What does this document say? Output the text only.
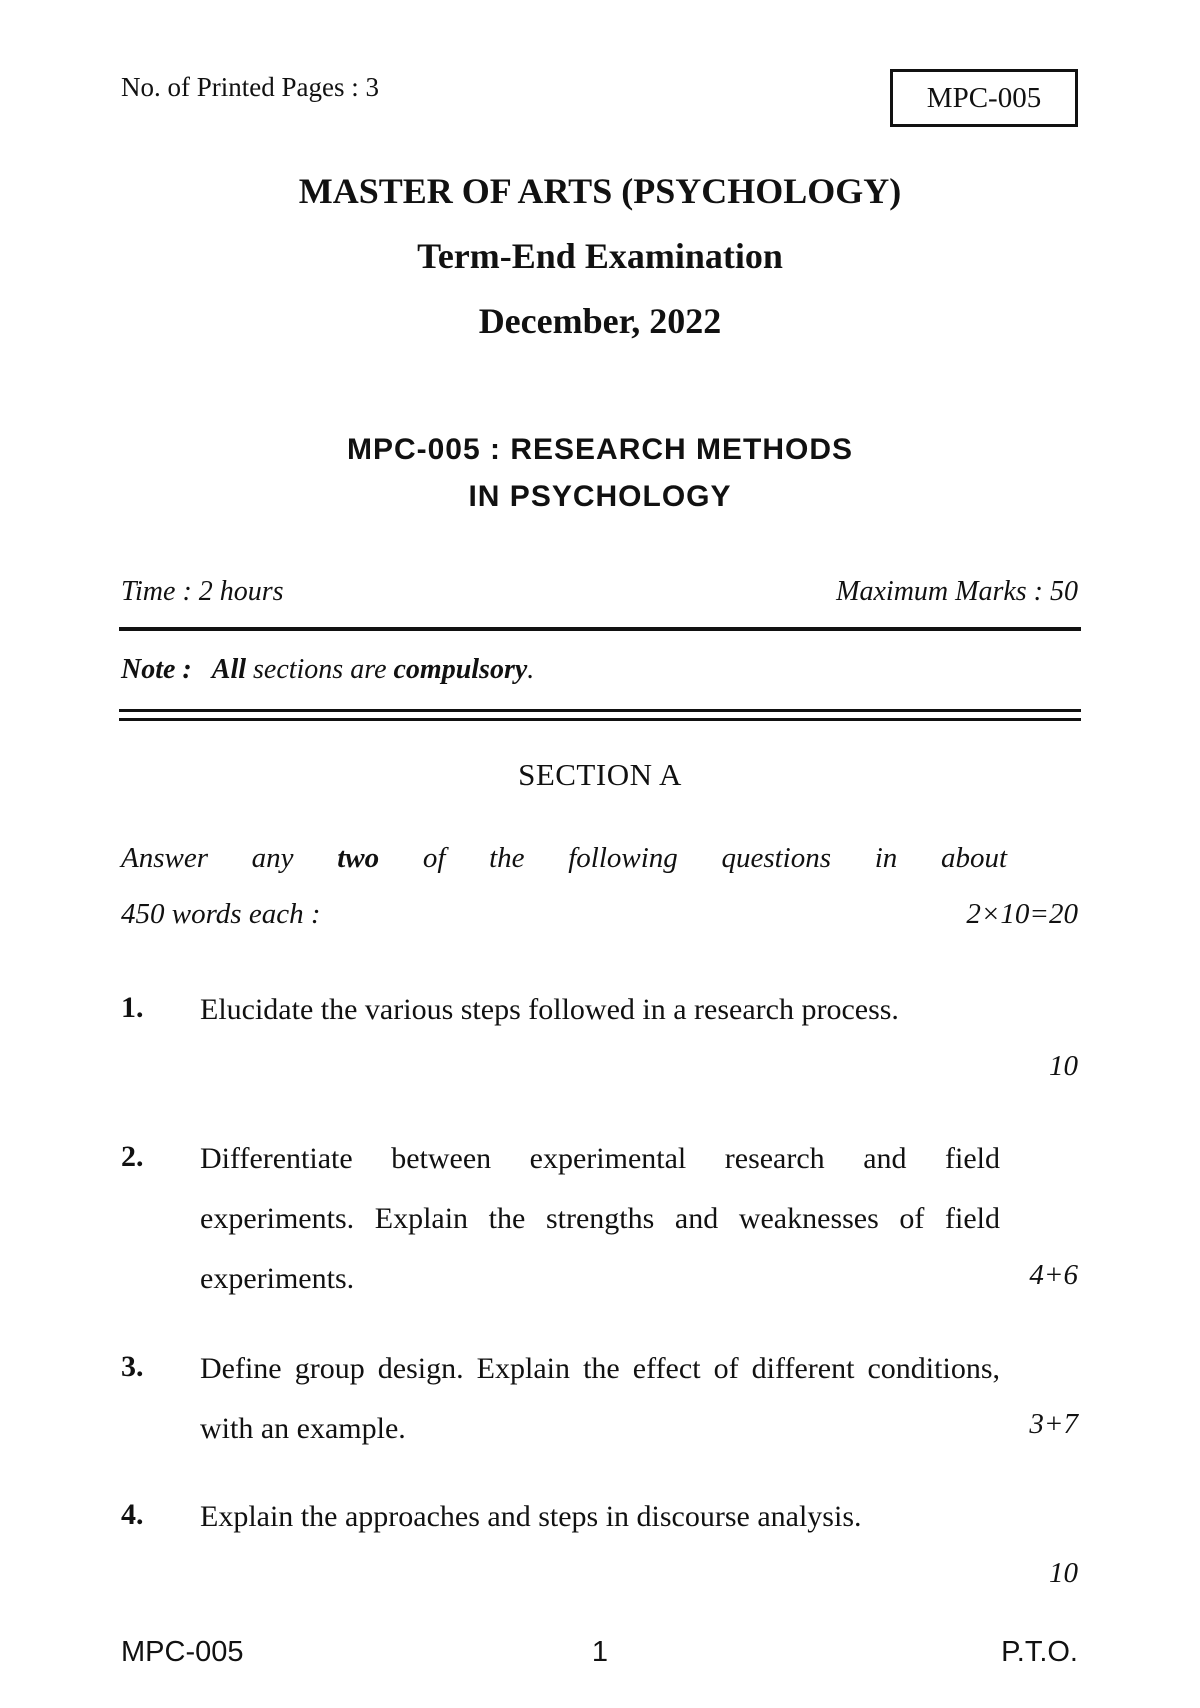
No. of Printed Pages : 3	MPC-005
MASTER OF ARTS (PSYCHOLOGY)
Term-End Examination
December, 2022
MPC-005 : RESEARCH METHODS
IN PSYCHOLOGY
Time : 2 hours	Maximum Marks : 50
Note : All sections are compulsory.
SECTION A
Answer any two of the following questions in about
450 words each :	2×10=20
1. Elucidate the various steps followed in a research process.
10
2. Differentiate between experimental research and field experiments. Explain the strengths and weaknesses of field experiments.	4+6
3. Define group design. Explain the effect of different conditions, with an example.	3+7
4. Explain the approaches and steps in discourse analysis.
10
MPC-005	1	P.T.O.
